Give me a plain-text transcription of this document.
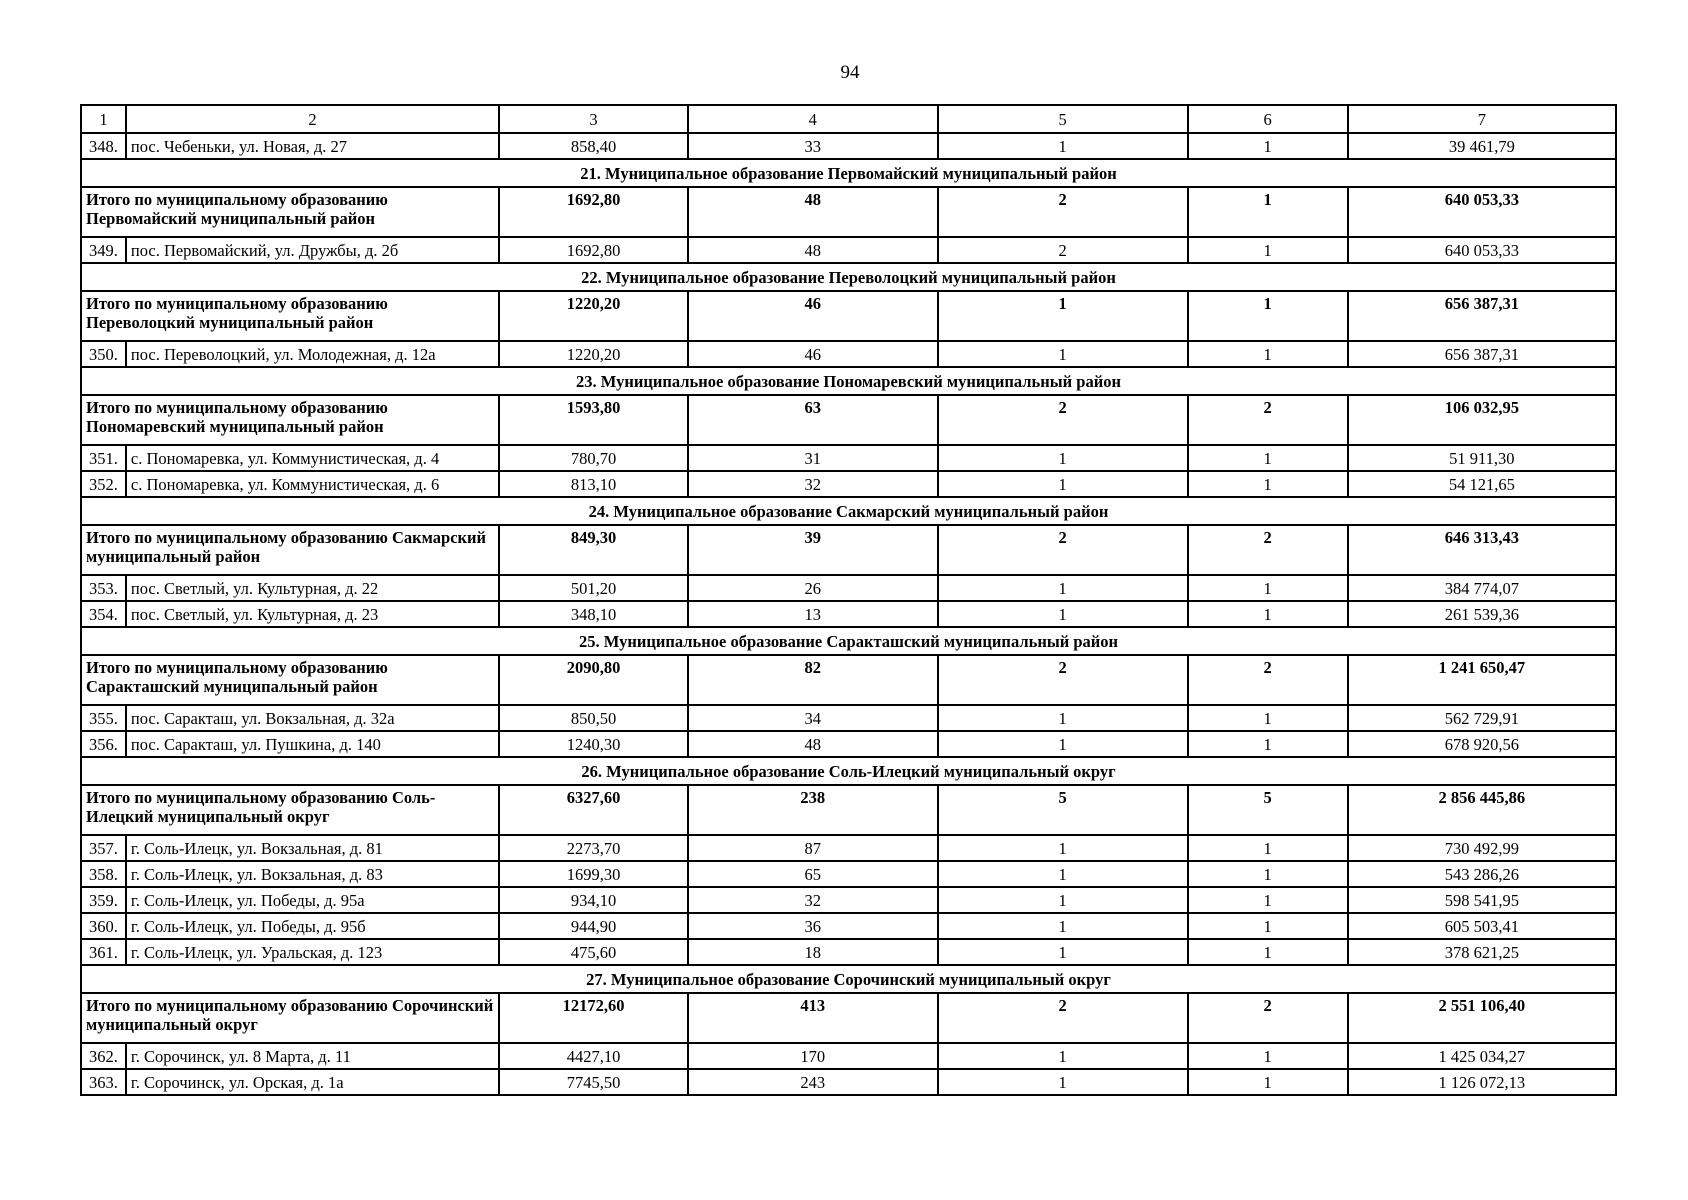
94
1	2	3	4	5	6	7
348.	пос. Чебеньки, ул. Новая, д. 27	858,40	33	1	1	39 461,79
21. Муниципальное образование Первомайский муниципальный район						
Итого по муниципальному образованию Первомайский муниципальный район		1692,80	48	2	1	640 053,33
349.	пос. Первомайский, ул. Дружбы, д. 2б	1692,80	48	2	1	640 053,33
22. Муниципальное образование Переволоцкий муниципальный район						
Итого по муниципальному образованию Переволоцкий муниципальный район		1220,20	46	1	1	656 387,31
350.	пос. Переволоцкий, ул. Молодежная, д. 12а	1220,20	46	1	1	656 387,31
23. Муниципальное образование Пономаревский муниципальный район						
Итого по муниципальному образованию Пономаревский муниципальный район		1593,80	63	2	2	106 032,95
351.	с. Пономаревка, ул. Коммунистическая, д. 4	780,70	31	1	1	51 911,30
352.	с. Пономаревка, ул. Коммунистическая, д. 6	813,10	32	1	1	54 121,65
24. Муниципальное образование Сакмарский муниципальный район						
Итого по муниципальному образованию Сакмарский муниципальный район		849,30	39	2	2	646 313,43
353.	пос. Светлый, ул. Культурная, д. 22	501,20	26	1	1	384 774,07
354.	пос. Светлый, ул. Культурная, д. 23	348,10	13	1	1	261 539,36
25. Муниципальное образование Саракташский муниципальный район						
Итого по муниципальному образованию Саракташский муниципальный район		2090,80	82	2	2	1 241 650,47
355.	пос. Саракташ, ул. Вокзальная, д. 32а	850,50	34	1	1	562 729,91
356.	пос. Саракташ, ул. Пушкина, д. 140	1240,30	48	1	1	678 920,56
26. Муниципальное образование Соль-Илецкий муниципальный округ						
Итого по муниципальному образованию Соль-Илецкий муниципальный округ		6327,60	238	5	5	2 856 445,86
357.	г. Соль-Илецк, ул. Вокзальная, д. 81	2273,70	87	1	1	730 492,99
358.	г. Соль-Илецк, ул. Вокзальная, д. 83	1699,30	65	1	1	543 286,26
359.	г. Соль-Илецк, ул. Победы, д. 95а	934,10	32	1	1	598 541,95
360.	г. Соль-Илецк, ул. Победы, д. 95б	944,90	36	1	1	605 503,41
361.	г. Соль-Илецк, ул. Уральская, д. 123	475,60	18	1	1	378 621,25
27. Муниципальное образование Сорочинский муниципальный округ						
Итого по муниципальному образованию Сорочинский муниципальный округ		12172,60	413	2	2	2 551 106,40
362.	г. Сорочинск, ул. 8 Марта, д. 11	4427,10	170	1	1	1 425 034,27
363.	г. Сорочинск, ул. Орская, д. 1а	7745,50	243	1	1	1 126 072,13
